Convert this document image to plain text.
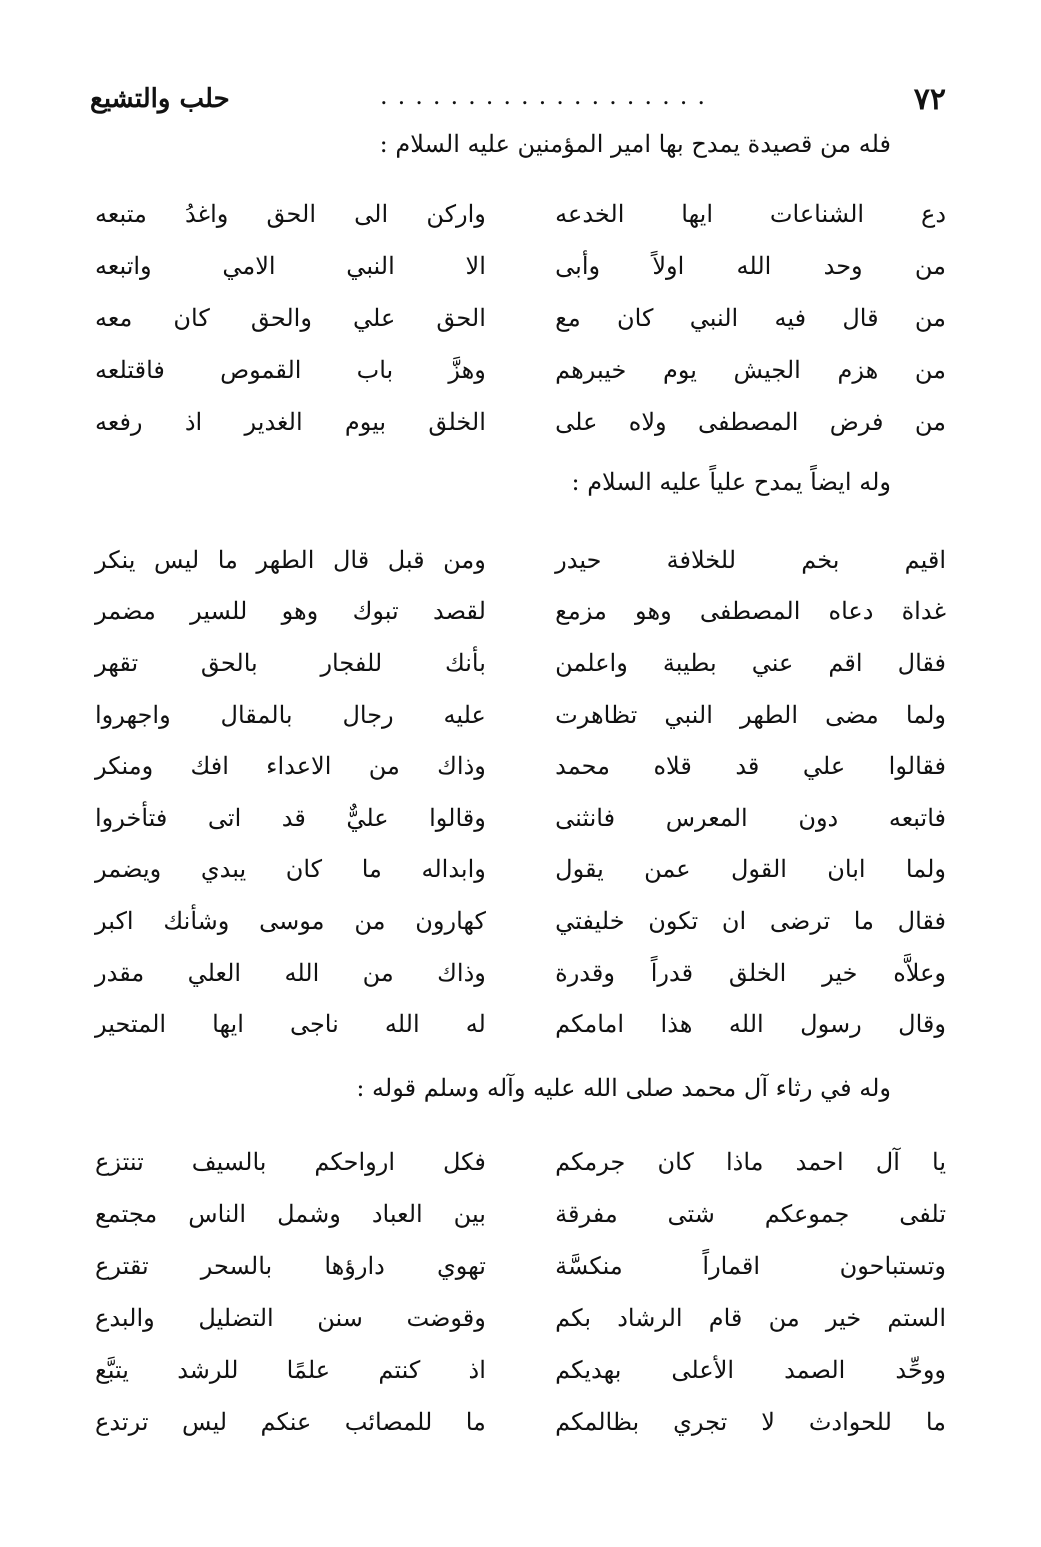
٧٢
...................
حلب والتشيع
فله من قصيدة يمدح بها امير المؤمنين عليه السلام :
دع الشناعات ايها الخدعه
واركن الى الحق واغدُ متبعه
من وحد الله اولاً وأبى
الا النبي الامي واتبعه
من قال فيه النبي كان مع
الحق علي والحق كان معه
من هزم الجيش يوم خيبرهم
وهزَّ باب القموص فاقتلعه
من فرض المصطفى ولاه على
الخلق بيوم الغدير اذ رفعه
وله ايضاً يمدح علياً عليه السلام :
اقيم بخم للخلافة حيدر
ومن قبل قال الطهر ما ليس ينكر
غداة دعاه المصطفى وهو مزمع
لقصد تبوك وهو للسير مضمر
فقال اقم عني بطيبة واعلمن
بأنك للفجار بالحق تقهر
ولما مضى الطهر النبي تظاهرت
عليه رجال بالمقال واجهروا
فقالوا علي قد قلاه محمد
وذاك من الاعداء افك ومنكر
فاتبعه دون المعرس فانثنى
وقالوا عليٌّ قد اتى فتأخروا
ولما ابان القول عمن يقول
وابداله ما كان يبدي ويضمر
فقال ما ترضى ان تكون خليفتي
كهارون من موسى وشأنك اكبر
وعلاَّه خير الخلق قدراً وقدرة
وذاك من الله العلي مقدر
وقال رسول الله هذا امامكم
له الله ناجى ايها المتحير
وله في رثاء آل محمد صلى الله عليه وآله وسلم قوله :
يا آل احمد ماذا كان جرمكم
فكل ارواحكم بالسيف تنتزع
تلفى جموعكم شتى مفرقة
بين العباد وشمل الناس مجتمع
وتستباحون اقماراً منكسَّة
تهوي دارؤها بالسحر تقترع
الستم خير من قام الرشاد بكم
وقوضت سنن التضليل والبدع
ووحِّد الصمد الأعلى بهديكم
اذ كنتم علمًا للرشد يتبَّع
ما للحوادث لا تجري بظالمكم
ما للمصائب عنكم ليس ترتدع
